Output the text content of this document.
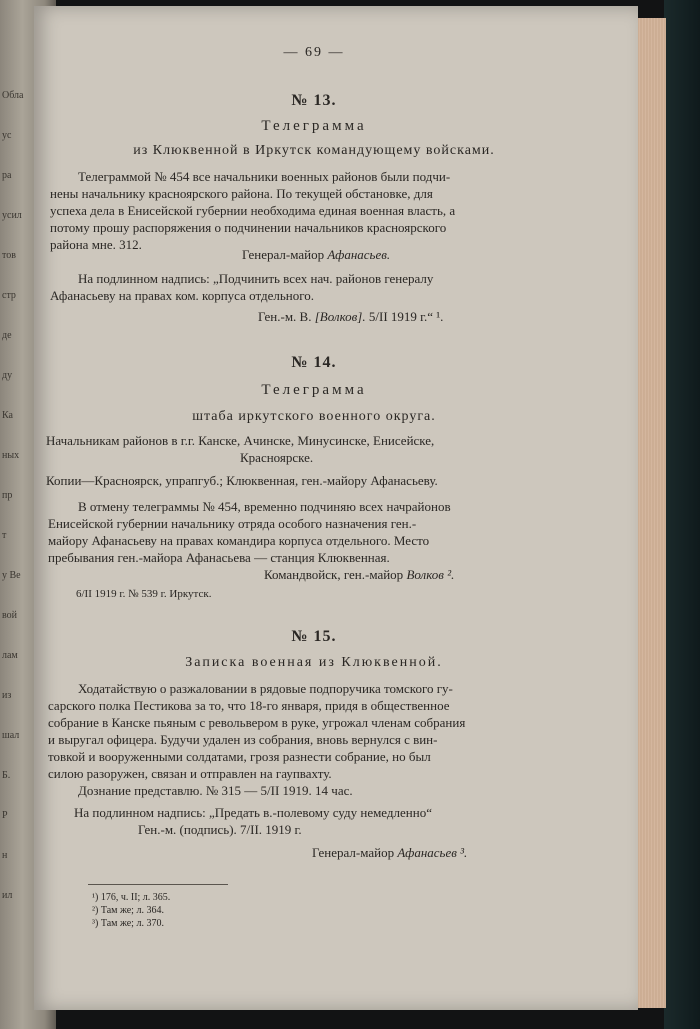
Обла
ус
ра
усил
тов
стр
де
ду
Ка
ных
пр
т
у Ве
вой
лам
из
шал
Б.
Р
н
ил
— 69 —
№ 13.
Телеграмма
из Клюквенной в Иркутск командующему войсками.
Телеграммой № 454 все начальники военных районов были подчи-
нены начальнику красноярского района. По текущей обстановке, для
успеха дела в Енисейской губернии необходима единая военная власть, а
потому прошу распоряжения о подчинении начальников красноярского
района мне. 312.
Генерал-майор Афанасьев.
На подлинном надпись: „Подчинить всех нач. районов генералу
Афанасьеву на правах ком. корпуса отдельного.
Ген.-м. В. [Волков]. 5/II 1919 г.“ ¹.
№ 14.
Телеграмма
штаба иркутского военного округа.
Начальникам районов в г.г. Канске, Ачинске, Минусинске, Енисейске,
Красноярске.
Копии—Красноярск, упрапгуб.; Клюквенная, ген.-майору Афанасьеву.
В отмену телеграммы № 454, временно подчиняю всех начрайонов
Енисейской губернии начальнику отряда особого назначения ген.-
майору Афанасьеву на правах командира корпуса отдельного. Место
пребывания ген.-майора Афанасьева — станция Клюквенная.
Командвойск, ген.-майор Волков ².
6/II 1919 г. № 539 г. Иркутск.
№ 15.
Записка военная из Клюквенной.
Ходатайствую о разжаловании в рядовые подпоручика томского гу-
сарского полка Пестикова за то, что 18-го января, придя в общественное
собрание в Канске пьяным с револьвером в руке, угрожал членам собрания
и выругал офицера. Будучи удален из собрания, вновь вернулся с вин-
товкой и вооруженными солдатами, грозя разнести собрание, но был
силою разоружен, связан и отправлен на гаупвахту.
Дознание представлю. № 315 — 5/II 1919. 14 час.
На подлинном надпись: „Предать в.-полевому суду немедленно“
Ген.-м. (подпись). 7/II. 1919 г.
Генерал-майор Афанасьев ³.
¹) 176, ч. II; л. 365.
²) Там же; л. 364.
³) Там же; л. 370.
